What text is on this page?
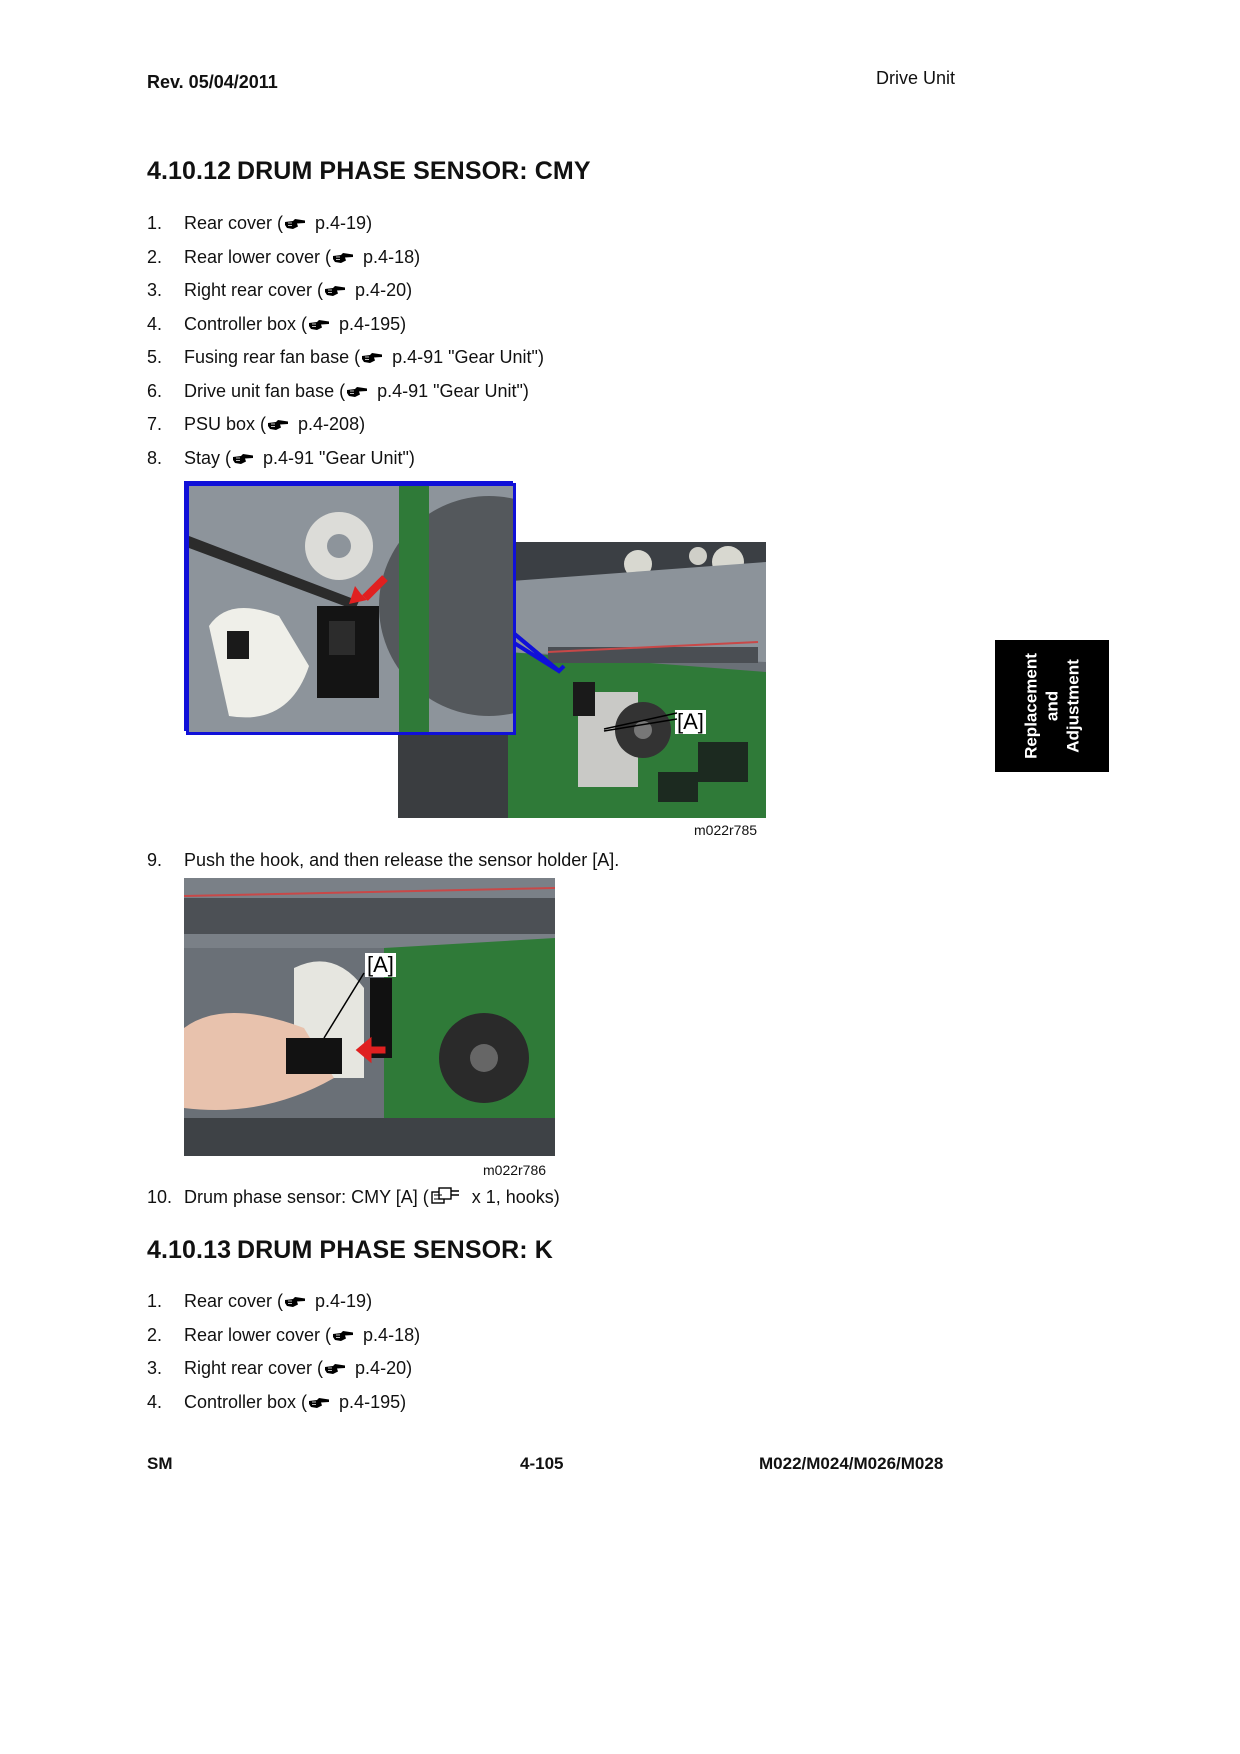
Rev. 05/04/2011	Drive Unit
Replacement and Adjustment
4.10.12 DRUM PHASE SENSOR: CMY
1. Rear cover ( p.4-19)
2. Rear lower cover ( p.4-18)
3. Right rear cover ( p.4-20)
4. Controller box ( p.4-195)
5. Fusing rear fan base ( p.4-91 "Gear Unit")
6. Drive unit fan base ( p.4-91 "Gear Unit")
7. PSU box ( p.4-208)
8. Stay ( p.4-91 "Gear Unit")
[A]
m022r785
9. Push the hook, and then release the sensor holder [A].
[A]
m022r786
10. Drum phase sensor: CMY [A] ( x 1, hooks)
4.10.13 DRUM PHASE SENSOR: K
1. Rear cover ( p.4-19)
2. Rear lower cover ( p.4-18)
3. Right rear cover ( p.4-20)
4. Controller box ( p.4-195)
SM	4-105	M022/M024/M026/M028
